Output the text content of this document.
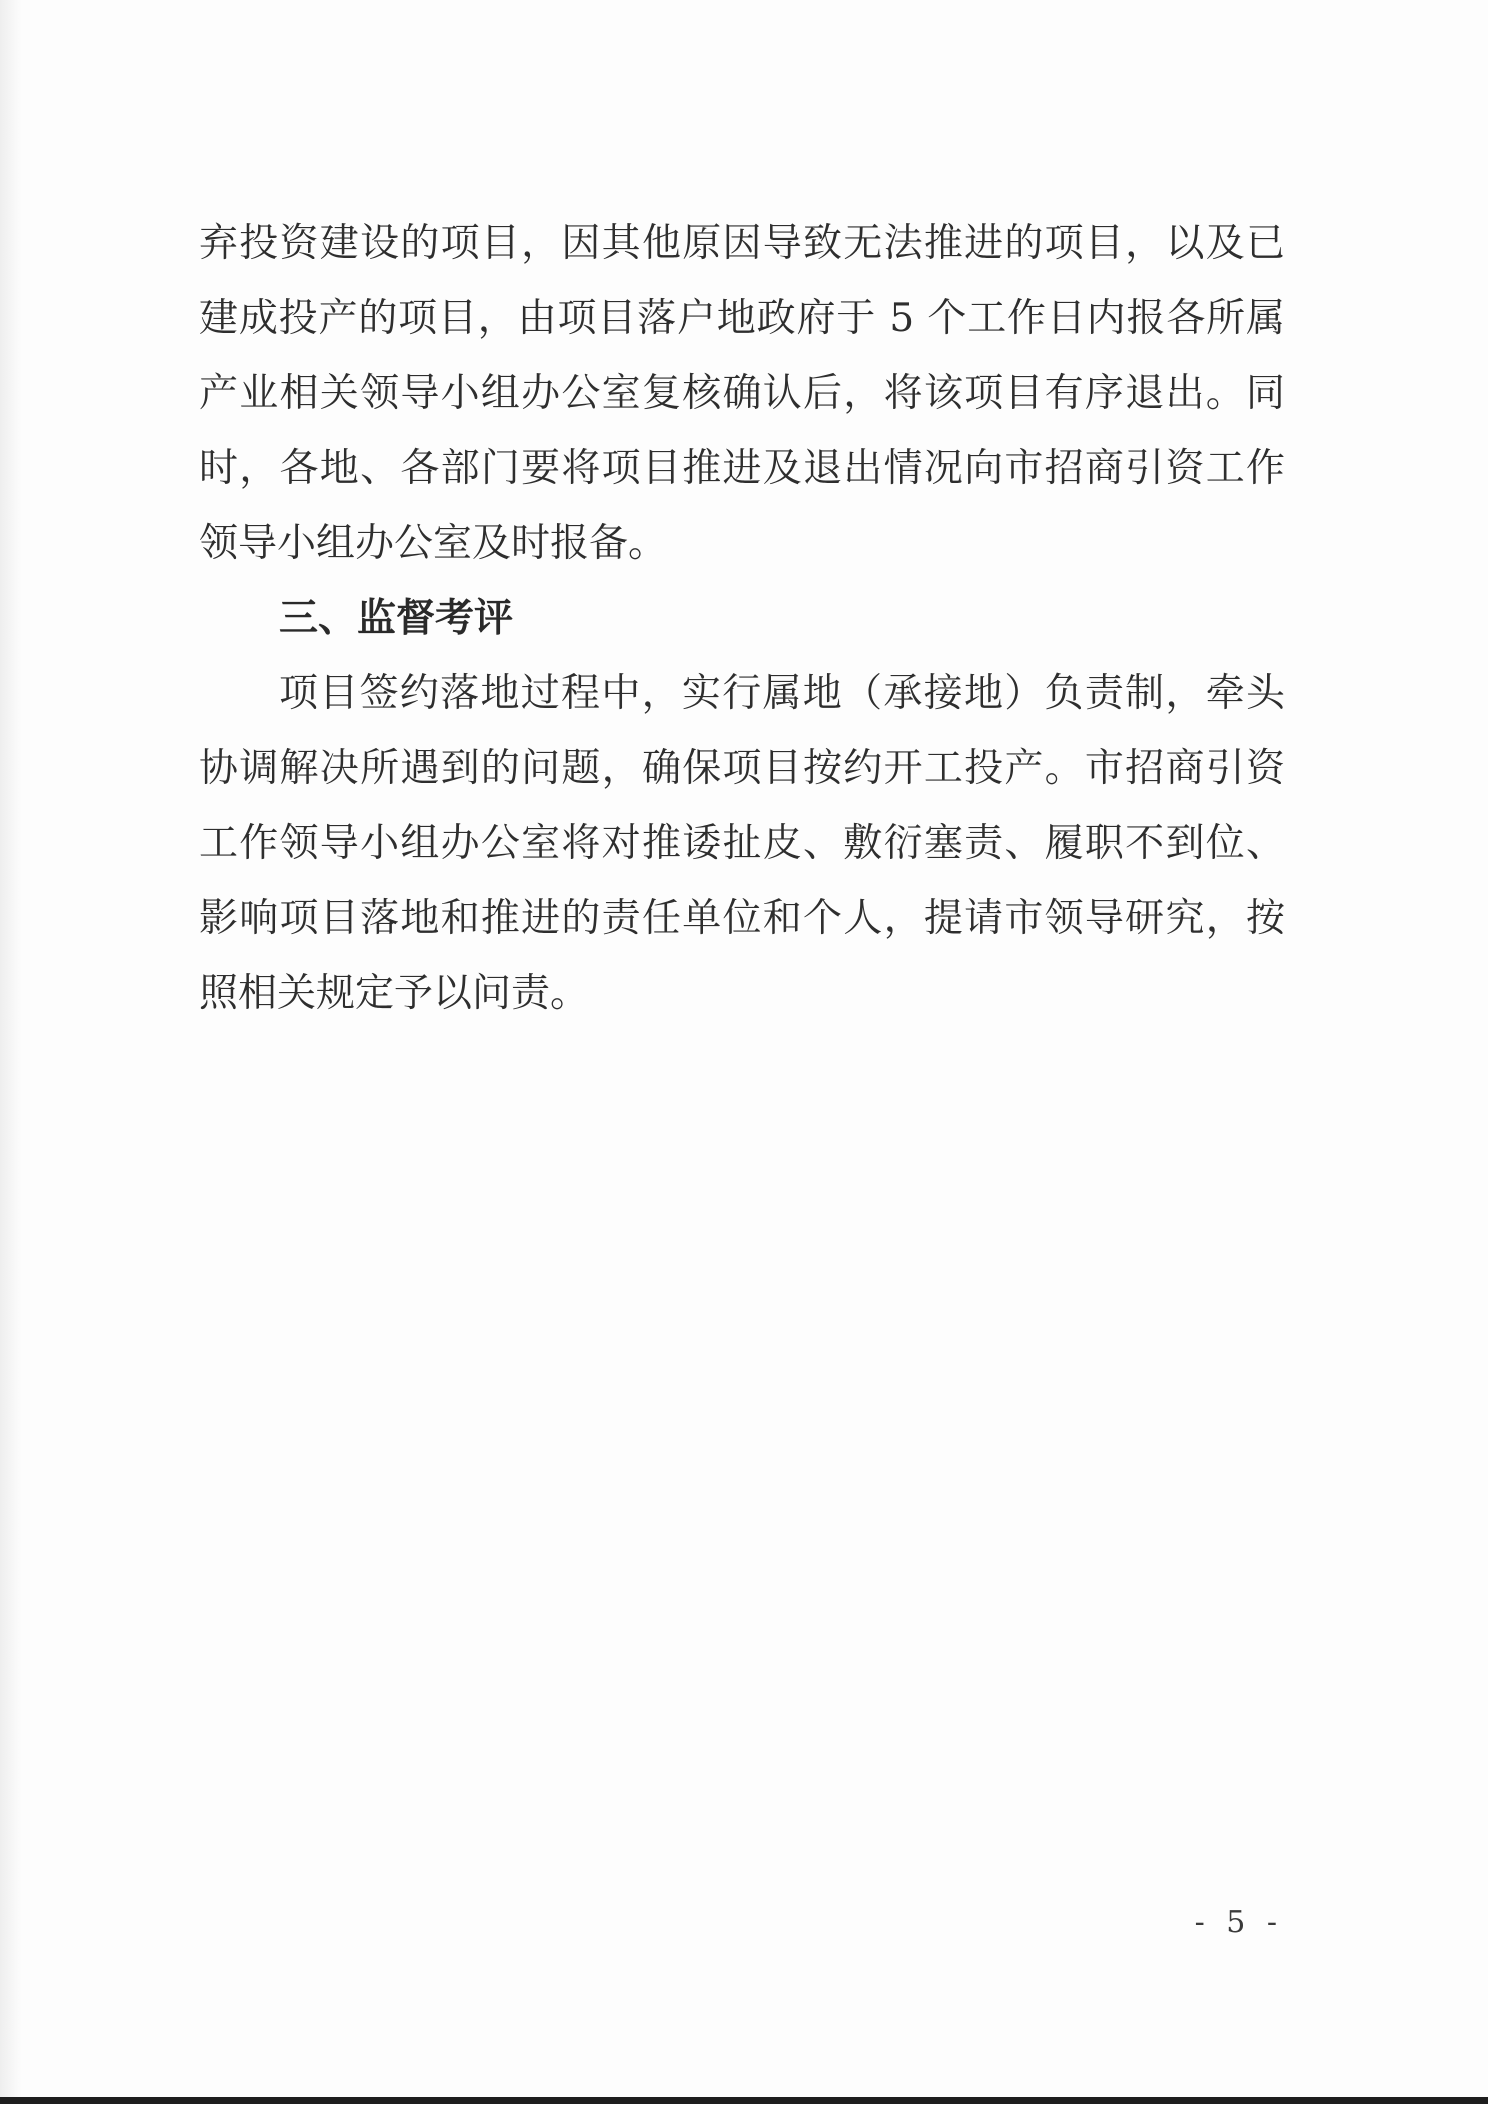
弃投资建设的项目，因其他原因导致无法推进的项目，以及已
建成投产的项目，由项目落户地政府于 5 个工作日内报各所属
产业相关领导小组办公室复核确认后，将该项目有序退出。同
时，各地、各部门要将项目推进及退出情况向市招商引资工作
领导小组办公室及时报备。
三、监督考评
项目签约落地过程中，实行属地（承接地）负责制，牵头
协调解决所遇到的问题，确保项目按约开工投产。市招商引资
工作领导小组办公室将对推诿扯皮、敷衍塞责、履职不到位、
影响项目落地和推进的责任单位和个人，提请市领导研究，按
照相关规定予以问责。
- 5 -
